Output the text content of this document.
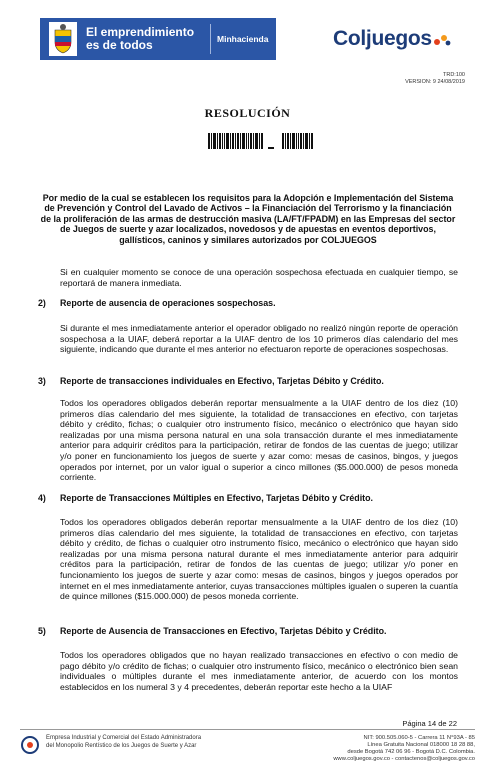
El emprendimiento
es de todos	Minhacienda	Colju egos
TRD:100
VERSION: 9 24/08/2019
RESOLUCIÓN
Por medio de la cual se establecen los requisitos para la Adopción e Implementación del Sistema de Prevención y Control del Lavado de Activos – la Financiación del Terrorismo y la financiación de la proliferación de las armas de destrucción masiva (LA/FT/FPADM) en las Empresas del sector de Juegos de suerte y azar localizados, novedosos y de apuestas en eventos deportivos, gallísticos, caninos y similares autorizados por COLJUEGOS
Si en cualquier momento se conoce de una operación sospechosa efectuada en cualquier tiempo, se reportará de manera inmediata.
2) Reporte de ausencia de operaciones sospechosas.
Si durante el mes inmediatamente anterior el operador obligado no realizó ningún reporte de operación sospechosa a la UIAF, deberá reportar a la UIAF dentro de los 10 primeros días calendario del mes siguiente, indicando que durante el mes anterior no efectuaron reporte de operaciones sospechosas.
3) Reporte de transacciones individuales en Efectivo, Tarjetas Débito y Crédito.
Todos los operadores obligados deberán reportar mensualmente a la UIAF dentro de los diez (10) primeros días calendario del mes siguiente, la totalidad de transacciones en efectivo, con tarjetas débito y crédito, fichas; o cualquier otro instrumento físico, mecánico o electrónico que hayan sido realizadas por una misma persona natural en una sola transacción durante el mes inmediatamente anterior para adquirir créditos para la participación, retirar de fondos de las cuentas de juego; utilizar y/o poner en funcionamiento los juegos de suerte y azar como: mesas de casinos, bingos, y juegos operados por internet, por un valor igual o superior a cinco millones ($5.000.000) de pesos moneda corriente.
4) Reporte de Transacciones Múltiples en Efectivo, Tarjetas Débito y Crédito.
Todos los operadores obligados deberán reportar mensualmente a la UIAF dentro de los diez (10) primeros días calendario del mes siguiente, la totalidad de transacciones en efectivo, con tarjetas débito y crédito, de fichas o cualquier otro instrumento físico, mecánico o electrónico que hayan sido realizadas por una misma persona natural durante el mes inmediatamente anterior para adquirir créditos para la participación, retirar de fondos de las cuentas de juego; utilizar y/o poner en funcionamiento los juegos de suerte y azar como: mesas de casinos, bingos y juegos operados por internet en el mes inmediatamente anterior, cuyas transacciones múltiples igualen o superen la cuantía de quince millones ($15.000.000) de pesos moneda corriente.
5) Reporte de Ausencia de Transacciones en Efectivo, Tarjetas Débito y Crédito.
Todos los operadores obligados que no hayan realizado transacciones en efectivo o con medio de pago débito y/o crédito de fichas; o cualquier otro instrumento físico, mecánico o electrónico bien sean individuales o múltiples durante el mes inmediatamente anterior, de acuerdo con los montos establecidos en los numeral 3 y 4 precedentes, deberán reportar este hecho a la UIAF
Página 14 de 22
Empresa Industrial y Comercial del Estado Administradora
del Monopolio Rentístico de los Juegos de Suerte y Azar
NIT: 900.505.060-5 - Carrera 11 N°93A - 85
Línea Gratuita Nacional 018000 18 28 88,
desde Bogotá 742 06 96 - Bogotá D.C. Colombia.
www.coljuegos.gov.co - contactenos@coljuegos.gov.co
